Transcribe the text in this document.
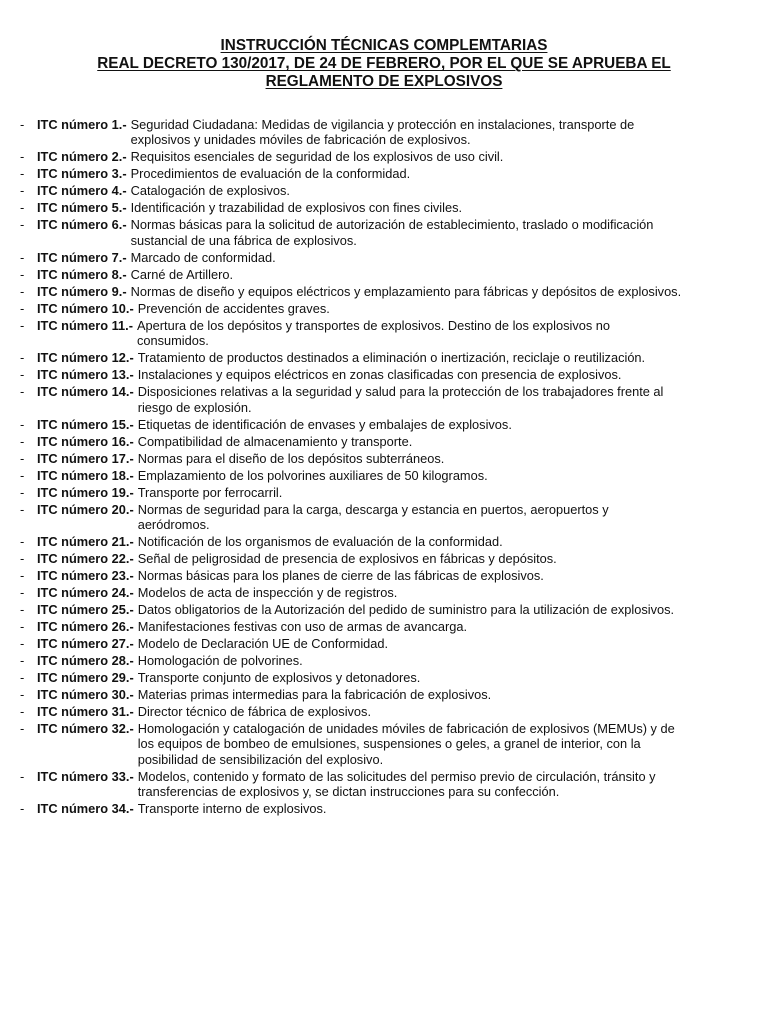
INSTRUCCIÓN TÉCNICAS COMPLEMTARIAS
REAL DECRETO 130/2017, DE 24 DE FEBRERO, POR EL QUE SE APRUEBA EL
REGLAMENTO DE EXPLOSIVOS
- ITC número 1.- Seguridad Ciudadana: Medidas de vigilancia y protección en instalaciones, transporte de
explosivos y unidades móviles de fabricación de explosivos.
- ITC número 2.- Requisitos esenciales de seguridad de los explosivos de uso civil.
- ITC número 3.- Procedimientos de evaluación de la conformidad.
- ITC número 4.- Catalogación de explosivos.
- ITC número 5.- Identificación y trazabilidad de explosivos con fines civiles.
- ITC número 6.- Normas básicas para la solicitud de autorización de establecimiento, traslado o modificación
sustancial de una fábrica de explosivos.
- ITC número 7.- Marcado de conformidad.
- ITC número 8.- Carné de Artillero.
- ITC número 9.- Normas de diseño y equipos eléctricos y emplazamiento para fábricas y depósitos de explosivos.
- ITC número 10.- Prevención de accidentes graves.
- ITC número 11.- Apertura de los depósitos y transportes de explosivos. Destino de los explosivos no
consumidos.
- ITC número 12.- Tratamiento de productos destinados a eliminación o inertización, reciclaje o reutilización.
- ITC número 13.- Instalaciones y equipos eléctricos en zonas clasificadas con presencia de explosivos.
- ITC número 14.- Disposiciones relativas a la seguridad y salud para la protección de los trabajadores frente al
riesgo de explosión.
- ITC número 15.- Etiquetas de identificación de envases y embalajes de explosivos.
- ITC número 16.- Compatibilidad de almacenamiento y transporte.
- ITC número 17.- Normas para el diseño de los depósitos subterráneos.
- ITC número 18.- Emplazamiento de los polvorines auxiliares de 50 kilogramos.
- ITC número 19.- Transporte por ferrocarril.
- ITC número 20.- Normas de seguridad para la carga, descarga y estancia en puertos, aeropuertos y
aeródromos.
- ITC número 21.- Notificación de los organismos de evaluación de la conformidad.
- ITC número 22.- Señal de peligrosidad de presencia de explosivos en fábricas y depósitos.
- ITC número 23.- Normas básicas para los planes de cierre de las fábricas de explosivos.
- ITC número 24.- Modelos de acta de inspección y de registros.
- ITC número 25.- Datos obligatorios de la Autorización del pedido de suministro para la utilización de explosivos.
- ITC número 26.- Manifestaciones festivas con uso de armas de avancarga.
- ITC número 27.- Modelo de Declaración UE de Conformidad.
- ITC número 28.- Homologación de polvorines.
- ITC número 29.- Transporte conjunto de explosivos y detonadores.
- ITC número 30.- Materias primas intermedias para la fabricación de explosivos.
- ITC número 31.- Director técnico de fábrica de explosivos.
- ITC número 32.- Homologación y catalogación de unidades móviles de fabricación de explosivos (MEMUs) y de
los equipos de bombeo de emulsiones, suspensiones o geles, a granel de interior, con la
posibilidad de sensibilización del explosivo.
- ITC número 33.- Modelos, contenido y formato de las solicitudes del permiso previo de circulación, tránsito y
transferencias de explosivos y, se dictan instrucciones para su confección.
- ITC número 34.- Transporte interno de explosivos.
